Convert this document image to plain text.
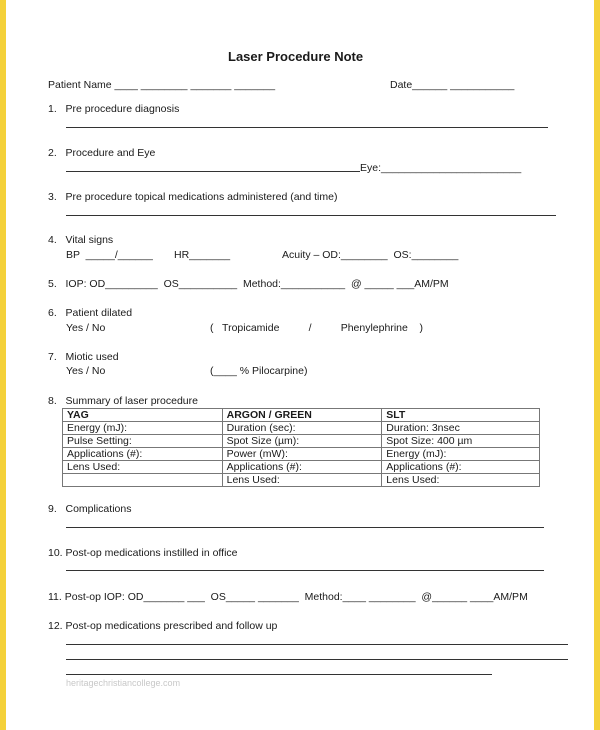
Laser Procedure Note
Patient Name ____ ________ _______ _______	Date______ ___________
1.   Pre procedure diagnosis
2.   Procedure and Eye
Eye:________________________
3.   Pre procedure topical medications administered (and time)
4.   Vital signs
BP  _____/______ HR_______	Acuity – OD:________  OS:________
5.   IOP: OD_________  OS__________  Method:___________  @ _____ ___AM/PM
6.   Patient dilated
Yes / No	(   Tropicamide          /          Phenylephrine    )
7.   Miotic used
Yes / No	(____ % Pilocarpine)
8.   Summary of laser procedure
YAG	ARGON / GREEN	SLT
Energy (mJ):	Duration (sec):	Duration: 3nsec
Pulse Setting:	Spot Size (µm):	Spot Size: 400 µm
Applications (#):	Power (mW):	Energy (mJ):
Lens Used:	Applications (#):	Applications (#):
	Lens Used:	Lens Used:
9.   Complications
10. Post-op medications instilled in office
11. Post-op IOP: OD_______ ___  OS_____ _______  Method:____ ________  @______ ____AM/PM
12. Post-op medications prescribed and follow up
heritagechristiancollege.com
